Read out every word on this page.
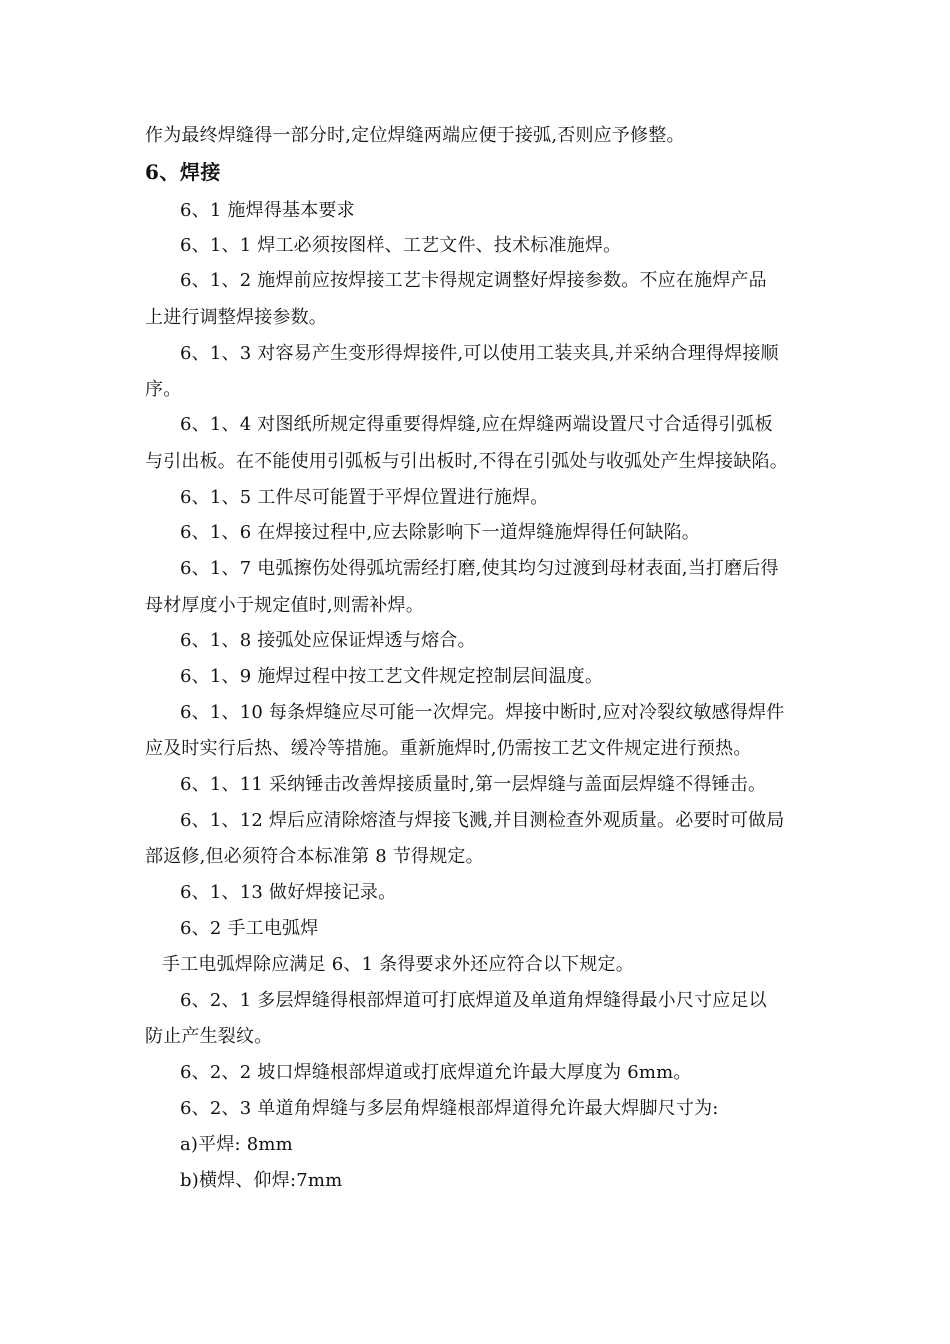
作为最终焊缝得一部分时,定位焊缝两端应便于接弧,否则应予修整。
6、焊接
6、1 施焊得基本要求
6、1、1 焊工必须按图样、工艺文件、技术标准施焊。
6、1、2 施焊前应按焊接工艺卡得规定调整好焊接参数。不应在施焊产品
上进行调整焊接参数。
6、1、3 对容易产生变形得焊接件,可以使用工装夹具,并采纳合理得焊接顺
序。
6、1、4 对图纸所规定得重要得焊缝,应在焊缝两端设置尺寸合适得引弧板
与引出板。在不能使用引弧板与引出板时,不得在引弧处与收弧处产生焊接缺陷。
6、1、5 工件尽可能置于平焊位置进行施焊。
6、1、6 在焊接过程中,应去除影响下一道焊缝施焊得任何缺陷。
6、1、7 电弧擦伤处得弧坑需经打磨,使其均匀过渡到母材表面,当打磨后得
母材厚度小于规定值时,则需补焊。
6、1、8 接弧处应保证焊透与熔合。
6、1、9 施焊过程中按工艺文件规定控制层间温度。
6、1、10 每条焊缝应尽可能一次焊完。焊接中断时,应对冷裂纹敏感得焊件
应及时实行后热、缓冷等措施。重新施焊时,仍需按工艺文件规定进行预热。
6、1、11 采纳锤击改善焊接质量时,第一层焊缝与盖面层焊缝不得锤击。
6、1、12 焊后应清除熔渣与焊接飞溅,并目测检查外观质量。必要时可做局
部返修,但必须符合本标准第 8 节得规定。
6、1、13 做好焊接记录。
6、2 手工电弧焊
手工电弧焊除应满足 6、1 条得要求外还应符合以下规定。
6、2、1 多层焊缝得根部焊道可打底焊道及单道角焊缝得最小尺寸应足以
防止产生裂纹。
6、2、2 坡口焊缝根部焊道或打底焊道允许最大厚度为 6mm。
6、2、3 单道角焊缝与多层角焊缝根部焊道得允许最大焊脚尺寸为:
a)平焊: 8mm
b)横焊、仰焊:7mm
